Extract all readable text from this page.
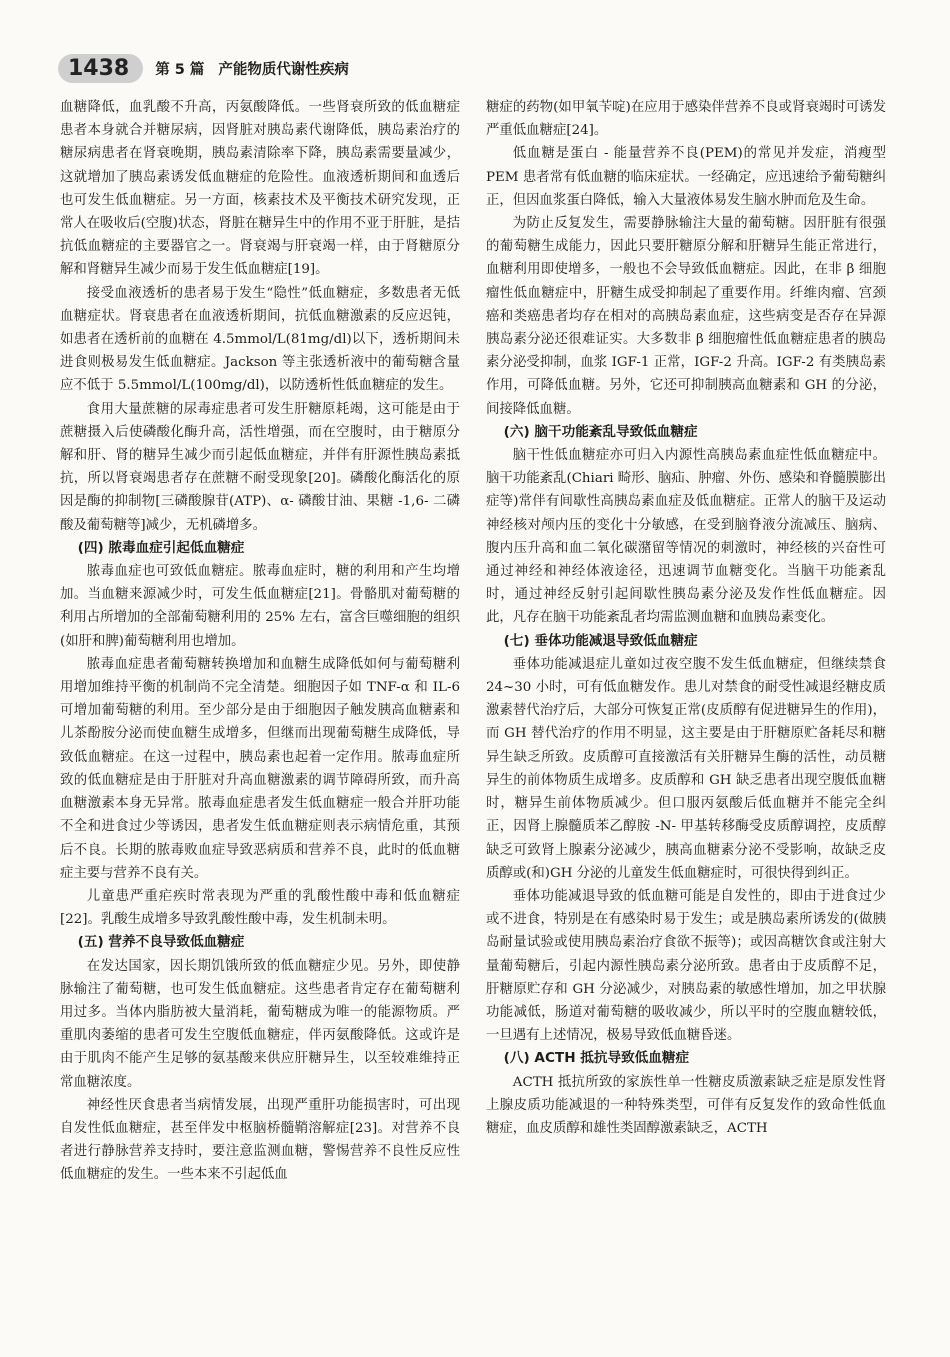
1438	第 5 篇 产能物质代谢性疾病

血糖降低，血乳酸不升高，丙氨酸降低。一些肾衰所致的低血糖症患者本身就合并糖尿病，因肾脏对胰岛素代谢降低，胰岛素治疗的糖尿病患者在肾衰晚期，胰岛素清除率下降，胰岛素需要量减少，这就增加了胰岛素诱发低血糖症的危险性。血液透析期间和血透后也可发生低血糖症。另一方面，核素技术及平衡技术研究发现，正常人在吸收后(空腹)状态，肾脏在糖异生中的作用不亚于肝脏，是拮抗低血糖症的主要器官之一。肾衰竭与肝衰竭一样，由于肾糖原分解和肾糖异生减少而易于发生低血糖症[19]。

接受血液透析的患者易于发生“隐性”低血糖症，多数患者无低血糖症状。肾衰患者在血液透析期间，抗低血糖激素的反应迟钝，如患者在透析前的血糖在 4.5mmol/L(81mg/dl)以下，透析期间未进食则极易发生低血糖症。Jackson 等主张透析液中的葡萄糖含量应不低于 5.5mmol/L(100mg/dl)，以防透析性低血糖症的发生。

食用大量蔗糖的尿毒症患者可发生肝糖原耗竭，这可能是由于蔗糖摄入后使磷酸化酶升高，活性增强，而在空腹时，由于糖原分解和肝、肾的糖异生减少而引起低血糖症，并伴有肝源性胰岛素抵抗，所以肾衰竭患者存在蔗糖不耐受现象[20]。磷酸化酶活化的原因是酶的抑制物[三磷酸腺苷(ATP)、α- 磷酸甘油、果糖 -1,6- 二磷酸及葡萄糖等]减少，无机磷增多。

(四) 脓毒血症引起低血糖症

脓毒血症也可致低血糖症。脓毒血症时，糖的利用和产生均增加。当血糖来源减少时，可发生低血糖症[21]。骨骼肌对葡萄糖的利用占所增加的全部葡萄糖利用的 25% 左右，富含巨噬细胞的组织(如肝和脾)葡萄糖利用也增加。

脓毒血症患者葡萄糖转换增加和血糖生成降低如何与葡萄糖利用增加维持平衡的机制尚不完全清楚。细胞因子如 TNF-α 和 IL-6 可增加葡萄糖的利用。至少部分是由于细胞因子触发胰高血糖素和儿茶酚胺分泌而使血糖生成增多，但继而出现葡萄糖生成降低，导致低血糖症。在这一过程中，胰岛素也起着一定作用。脓毒血症所致的低血糖症是由于肝脏对升高血糖激素的调节障碍所致，而升高血糖激素本身无异常。脓毒血症患者发生低血糖症一般合并肝功能不全和进食过少等诱因，患者发生低血糖症则表示病情危重，其预后不良。长期的脓毒败血症导致恶病质和营养不良，此时的低血糖症主要与营养不良有关。

儿童患严重疟疾时常表现为严重的乳酸性酸中毒和低血糖症[22]。乳酸生成增多导致乳酸性酸中毒，发生机制未明。

(五) 营养不良导致低血糖症

在发达国家，因长期饥饿所致的低血糖症少见。另外，即使静脉输注了葡萄糖，也可发生低血糖症。这些患者肯定存在葡萄糖利用过多。当体内脂肪被大量消耗，葡萄糖成为唯一的能源物质。严重肌肉萎缩的患者可发生空腹低血糖症，伴丙氨酸降低。这或许是由于肌肉不能产生足够的氨基酸来供应肝糖异生，以至较难维持正常血糖浓度。

神经性厌食患者当病情发展，出现严重肝功能损害时，可出现自发性低血糖症，甚至伴发中枢脑桥髓鞘溶解症[23]。对营养不良者进行静脉营养支持时，要注意监测血糖，警惕营养不良性反应性低血糖症的发生。一些本来不引起低血

糖症的药物(如甲氧苄啶)在应用于感染伴营养不良或肾衰竭时可诱发严重低血糖症[24]。

低血糖是蛋白 - 能量营养不良(PEM)的常见并发症，消瘦型 PEM 患者常有低血糖的临床症状。一经确定，应迅速给予葡萄糖纠正，但因血浆蛋白降低，输入大量液体易发生脑水肿而危及生命。

为防止反复发生，需要静脉输注大量的葡萄糖。因肝脏有很强的葡萄糖生成能力，因此只要肝糖原分解和肝糖异生能正常进行，血糖利用即使增多，一般也不会导致低血糖症。因此，在非 β 细胞瘤性低血糖症中，肝糖生成受抑制起了重要作用。纤维肉瘤、宫颈癌和类癌患者均存在相对的高胰岛素血症，这些病变是否存在异源胰岛素分泌还很难证实。大多数非 β 细胞瘤性低血糖症患者的胰岛素分泌受抑制，血浆 IGF-1 正常，IGF-2 升高。IGF-2 有类胰岛素作用，可降低血糖。另外，它还可抑制胰高血糖素和 GH 的分泌，间接降低血糖。

(六) 脑干功能紊乱导致低血糖症

脑干性低血糖症亦可归入内源性高胰岛素血症性低血糖症中。脑干功能紊乱(Chiari 畸形、脑疝、肿瘤、外伤、感染和脊髓膜膨出症等)常伴有间歇性高胰岛素血症及低血糖症。正常人的脑干及运动神经核对颅内压的变化十分敏感，在受到脑脊液分流减压、脑病、腹内压升高和血二氧化碳潴留等情况的刺激时，神经核的兴奋性可通过神经和神经体液途径，迅速调节血糖变化。当脑干功能紊乱时，通过神经反射引起间歇性胰岛素分泌及发作性低血糖症。因此，凡存在脑干功能紊乱者均需监测血糖和血胰岛素变化。

(七) 垂体功能减退导致低血糖症

垂体功能减退症儿童如过夜空腹不发生低血糖症，但继续禁食 24~30 小时，可有低血糖发作。患儿对禁食的耐受性减退经糖皮质激素替代治疗后，大部分可恢复正常(皮质醇有促进糖异生的作用)，而 GH 替代治疗的作用不明显，这主要是由于肝糖原贮备耗尽和糖异生缺乏所致。皮质醇可直接激活有关肝糖异生酶的活性，动员糖异生的前体物质生成增多。皮质醇和 GH 缺乏患者出现空腹低血糖时，糖异生前体物质减少。但口服丙氨酸后低血糖并不能完全纠正，因肾上腺髓质苯乙醇胺 -N- 甲基转移酶受皮质醇调控，皮质醇缺乏可致肾上腺素分泌减少，胰高血糖素分泌不受影响，故缺乏皮质醇或(和)GH 分泌的儿童发生低血糖症时，可很快得到纠正。

垂体功能减退导致的低血糖可能是自发性的，即由于进食过少或不进食，特别是在有感染时易于发生；或是胰岛素所诱发的(做胰岛耐量试验或使用胰岛素治疗食欲不振等)；或因高糖饮食或注射大量葡萄糖后，引起内源性胰岛素分泌所致。患者由于皮质醇不足，肝糖原贮存和 GH 分泌减少，对胰岛素的敏感性增加，加之甲状腺功能减低，肠道对葡萄糖的吸收减少，所以平时的空腹血糖较低，一旦遇有上述情况，极易导致低血糖昏迷。

(八) ACTH 抵抗导致低血糖症

ACTH 抵抗所致的家族性单一性糖皮质激素缺乏症是原发性肾上腺皮质功能减退的一种特殊类型，可伴有反复发作的致命性低血糖症，血皮质醇和雄性类固醇激素缺乏，ACTH
